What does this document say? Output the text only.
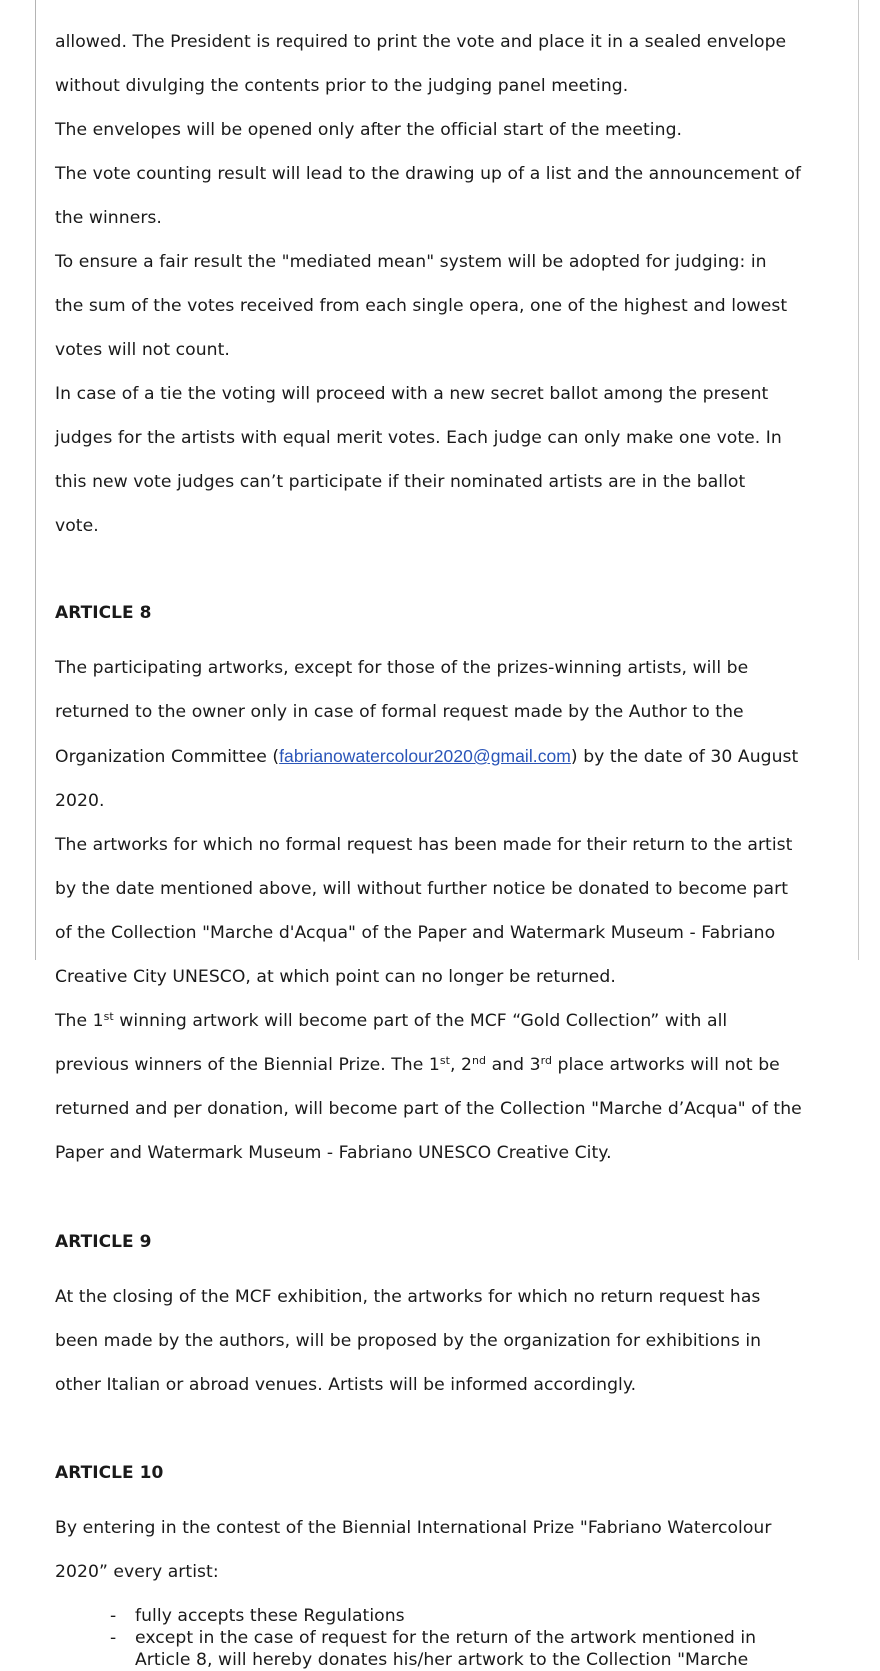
allowed. The President is required to print the vote and place it in a sealed envelope

without divulging the contents prior to the judging panel meeting.

The envelopes will be opened only after the official start of the meeting.

The vote counting result will lead to the drawing up of a list and the announcement of

the winners.

To ensure a fair result the "mediated mean" system will be adopted for judging: in

the sum of the votes received from each single opera, one of the highest and lowest

votes will not count.

In case of a tie the voting will proceed with a new secret ballot among the present

judges for the artists with equal merit votes. Each judge can only make one vote. In

this new vote judges can’t participate if their nominated artists are in the ballot

vote.

ARTICLE 8

The participating artworks, except for those of the prizes-winning artists, will be

returned to the owner only in case of formal request made by the Author to the

Organization Committee (fabrianowatercolour2020@gmail.com) by the date of 30 August

2020.

The artworks for which no formal request has been made for their return to the artist

by the date mentioned above, will without further notice be donated to become part

of the Collection "Marche d'Acqua" of the Paper and Watermark Museum - Fabriano

Creative City UNESCO, at which point can no longer be returned.

The 1st winning artwork will become part of the MCF “Gold Collection” with all

previous winners of the Biennial Prize. The 1st, 2nd and 3rd place artworks will not be

returned and per donation, will become part of the Collection "Marche d’Acqua" of the

Paper and Watermark Museum - Fabriano UNESCO Creative City.

ARTICLE 9

At the closing of the MCF exhibition, the artworks for which no return request has

been made by the authors, will be proposed by the organization for exhibitions in

other Italian or abroad venues. Artists will be informed accordingly.

ARTICLE 10

By entering in the contest of the Biennial International Prize "Fabriano Watercolour

2020” every artist:

- fully accepts these Regulations
- except in the case of request for the return of the artwork mentioned in
Article 8, will hereby donates his/her artwork to the Collection "Marche
